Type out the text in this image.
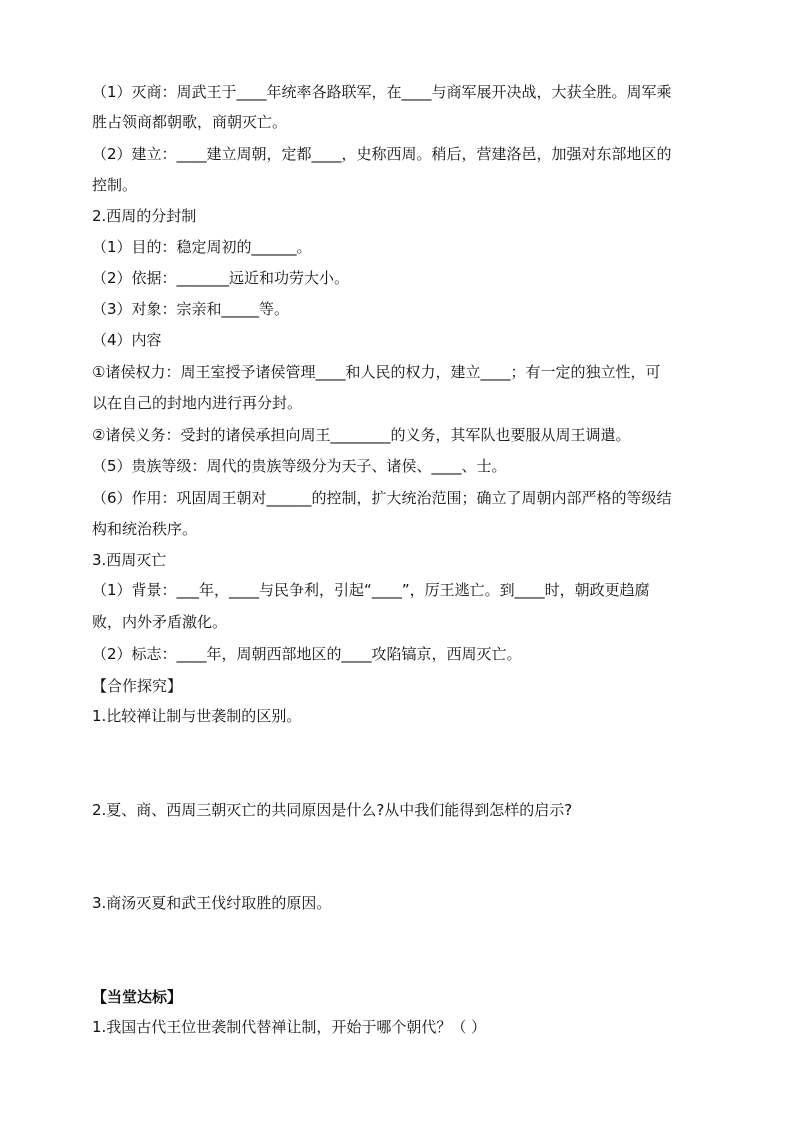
（1）灭商：周武王于____年统率各路联军，在____与商军展开决战，大获全胜。周军乘
胜占领商都朝歌，商朝灭亡。
（2）建立：____建立周朝，定都____，史称西周。稍后，营建洛邑，加强对东部地区的
控制。
2.西周的分封制
（1）目的：稳定周初的______。
（2）依据：_______远近和功劳大小。
（3）对象：宗亲和_____等。
（4）内容
①诸侯权力：周王室授予诸侯管理____和人民的权力，建立____；有一定的独立性，可
以在自己的封地内进行再分封。
②诸侯义务：受封的诸侯承担向周王________的义务，其军队也要服从周王调遣。
（5）贵族等级：周代的贵族等级分为天子、诸侯、____、士。
（6）作用：巩固周王朝对______的控制，扩大统治范围；确立了周朝内部严格的等级结
构和统治秩序。
3.西周灭亡
（1）背景：___年，____与民争利，引起“____”，厉王逃亡。到____时，朝政更趋腐
败，内外矛盾激化。
（2）标志：____年，周朝西部地区的____攻陷镐京，西周灭亡。
【合作探究】
1.比较禅让制与世袭制的区别。
2.夏、商、西周三朝灭亡的共同原因是什么?从中我们能得到怎样的启示?
3.商汤灭夏和武王伐纣取胜的原因。
【当堂达标】
1.我国古代王位世袭制代替禅让制，开始于哪个朝代？（ ）
